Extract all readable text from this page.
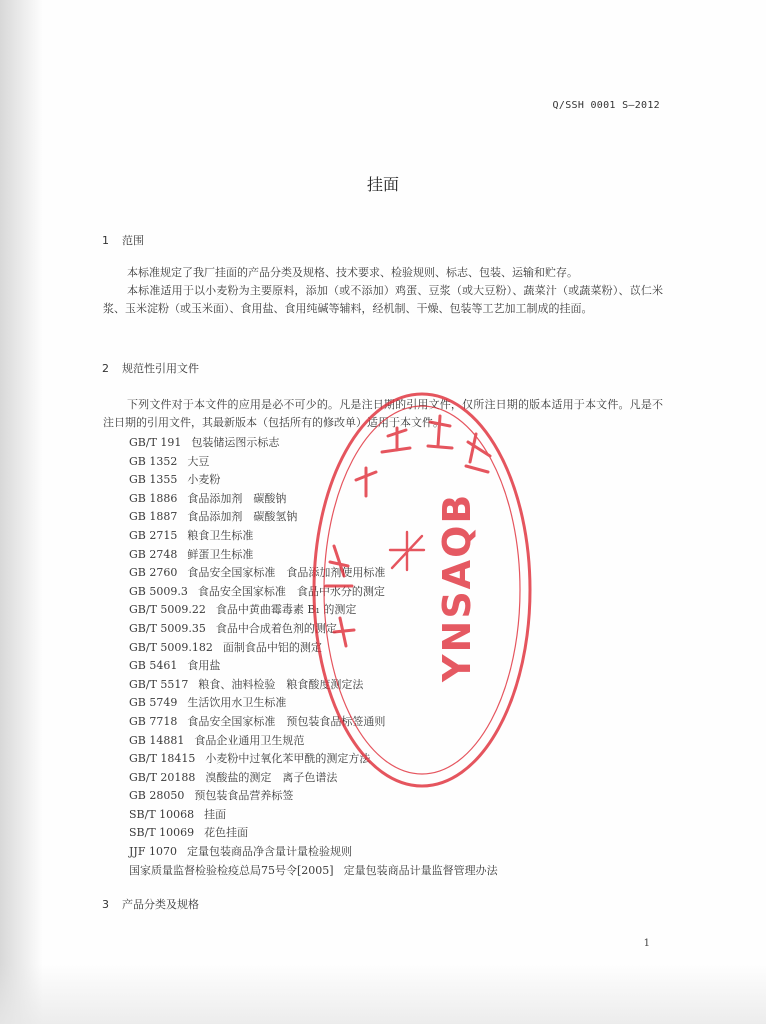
Q/SSH 0001 S—2012
挂面
1 范围
本标准规定了我厂挂面的产品分类及规格、技术要求、检验规则、标志、包装、运输和贮存。
本标准适用于以小麦粉为主要原料，添加（或不添加）鸡蛋、豆浆（或大豆粉）、蔬菜汁（或蔬菜粉）、苡仁米浆、玉米淀粉（或玉米面）、食用盐、食用纯碱等辅料，经机制、干燥、包装等工艺加工制成的挂面。
2 规范性引用文件
下列文件对于本文件的应用是必不可少的。凡是注日期的引用文件，仅所注日期的版本适用于本文件。凡是不注日期的引用文件，其最新版本（包括所有的修改单）适用于本文件。
GB/T 191 包装储运图示标志
GB 1352 大豆
GB 1355 小麦粉
GB 1886 食品添加剂　碳酸钠
GB 1887 食品添加剂　碳酸氢钠
GB 2715 粮食卫生标准
GB 2748 鲜蛋卫生标准
GB 2760 食品安全国家标准　食品添加剂使用标准
GB 5009.3 食品安全国家标准　食品中水分的测定
GB/T 5009.22 食品中黄曲霉毒素 B₁ 的测定
GB/T 5009.35 食品中合成着色剂的测定
GB/T 5009.182 面制食品中铝的测定
GB 5461 食用盐
GB/T 5517 粮食、油料检验　粮食酸度测定法
GB 5749 生活饮用水卫生标准
GB 7718 食品安全国家标准　预包装食品标签通则
GB 14881 食品企业通用卫生规范
GB/T 18415 小麦粉中过氧化苯甲酰的测定方法
GB/T 20188 溴酸盐的测定　离子色谱法
GB 28050 预包装食品营养标签
SB/T 10068 挂面
SB/T 10069 花色挂面
JJF 1070 定量包装商品净含量计量检验规则
国家质量监督检验检疫总局75号令[2005] 定量包装商品计量监督管理办法
3 产品分类及规格
1
YNSAQB
